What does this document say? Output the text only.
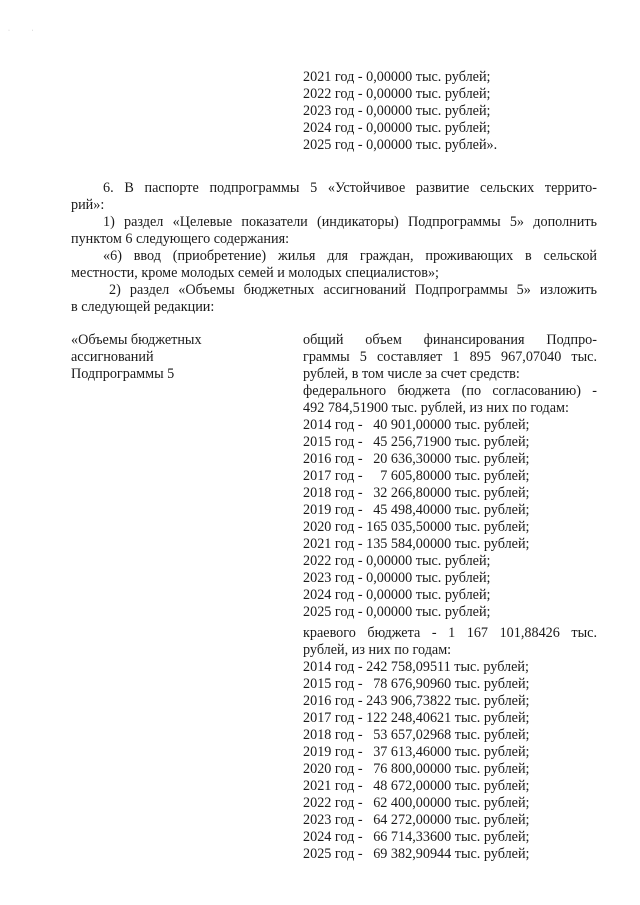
· ·
2021 год - 0,00000 тыс. рублей;
2022 год - 0,00000 тыс. рублей;
2023 год - 0,00000 тыс. рублей;
2024 год - 0,00000 тыс. рублей;
2025 год - 0,00000 тыс. рублей».
6. В паспорте подпрограммы 5 «Устойчивое развитие сельских террито-
рий»:
1) раздел «Целевые показатели (индикаторы) Подпрограммы 5» дополнить
пунктом 6 следующего содержания:
«6) ввод (приобретение) жилья для граждан, проживающих в сельской
местности, кроме молодых семей и молодых специалистов»;
2) раздел «Объемы бюджетных ассигнований Подпрограммы 5» изложить
в следующей редакции:
«Объемы бюджетных
ассигнований
Подпрограммы 5
общий объем финансирования Подпро-
граммы 5 составляет 1 895 967,07040 тыс.
рублей, в том числе за счет средств:
федерального бюджета (по согласованию) -
492 784,51900 тыс. рублей, из них по годам:
2014 год -   40 901,00000 тыс. рублей;
2015 год -   45 256,71900 тыс. рублей;
2016 год -   20 636,30000 тыс. рублей;
2017 год -     7 605,80000 тыс. рублей;
2018 год -   32 266,80000 тыс. рублей;
2019 год -   45 498,40000 тыс. рублей;
2020 год - 165 035,50000 тыс. рублей;
2021 год - 135 584,00000 тыс. рублей;
2022 год - 0,00000 тыс. рублей;
2023 год - 0,00000 тыс. рублей;
2024 год - 0,00000 тыс. рублей;
2025 год - 0,00000 тыс. рублей;
краевого бюджета - 1 167 101,88426 тыс.
рублей, из них по годам:
2014 год - 242 758,09511 тыс. рублей;
2015 год -   78 676,90960 тыс. рублей;
2016 год - 243 906,73822 тыс. рублей;
2017 год - 122 248,40621 тыс. рублей;
2018 год -   53 657,02968 тыс. рублей;
2019 год -   37 613,46000 тыс. рублей;
2020 год -   76 800,00000 тыс. рублей;
2021 год -   48 672,00000 тыс. рублей;
2022 год -   62 400,00000 тыс. рублей;
2023 год -   64 272,00000 тыс. рублей;
2024 год -   66 714,33600 тыс. рублей;
2025 год -   69 382,90944 тыс. рублей;
